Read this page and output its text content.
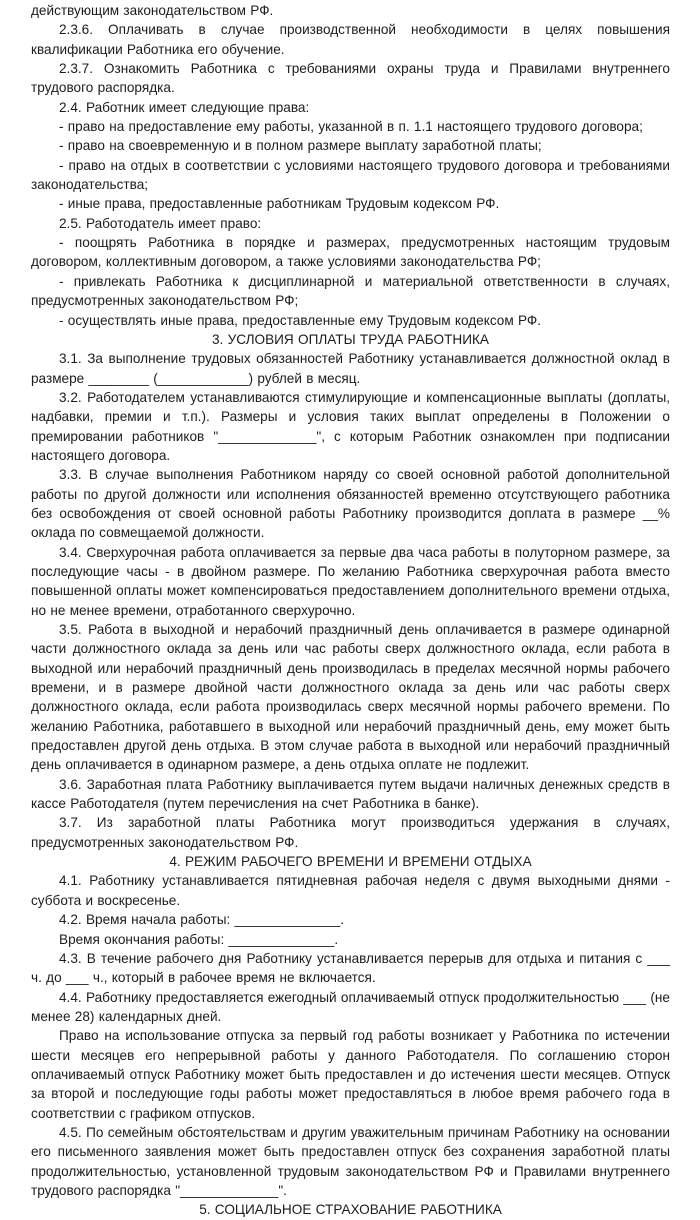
действующим законодательством РФ.

2.3.6. Оплачивать в случае производственной необходимости в целях повышения квалификации Работника его обучение.

2.3.7. Ознакомить Работника с требованиями охраны труда и Правилами внутреннего трудового распорядка.

2.4. Работник имеет следующие права:

- право на предоставление ему работы, указанной в п. 1.1 настоящего трудового договора;

- право на своевременную и в полном размере выплату заработной платы;

- право на отдых в соответствии с условиями настоящего трудового договора и требованиями законодательства;

- иные права, предоставленные работникам Трудовым кодексом РФ.

2.5. Работодатель имеет право:

- поощрять Работника в порядке и размерах, предусмотренных настоящим трудовым договором, коллективным договором, а также условиями законодательства РФ;

- привлекать Работника к дисциплинарной и материальной ответственности в случаях, предусмотренных законодательством РФ;

- осуществлять иные права, предоставленные ему Трудовым кодексом РФ.

3. УСЛОВИЯ ОПЛАТЫ ТРУДА РАБОТНИКА

3.1. За выполнение трудовых обязанностей Работнику устанавливается должностной оклад в размере ________ (____________) рублей в месяц.

3.2. Работодателем устанавливаются стимулирующие и компенсационные выплаты (доплаты, надбавки, премии и т.п.). Размеры и условия таких выплат определены в Положении о премировании работников "_____________", с которым Работник ознакомлен при подписании настоящего договора.

3.3. В случае выполнения Работником наряду со своей основной работой дополнительной работы по другой должности или исполнения обязанностей временно отсутствующего работника без освобождения от своей основной работы Работнику производится доплата в размере __% оклада по совмещаемой должности.

3.4. Сверхурочная работа оплачивается за первые два часа работы в полуторном размере, за последующие часы - в двойном размере. По желанию Работника сверхурочная работа вместо повышенной оплаты может компенсироваться предоставлением дополнительного времени отдыха, но не менее времени, отработанного сверхурочно.

3.5. Работа в выходной и нерабочий праздничный день оплачивается в размере одинарной части должностного оклада за день или час работы сверх должностного оклада, если работа в выходной или нерабочий праздничный день производилась в пределах месячной нормы рабочего времени, и в размере двойной части должностного оклада за день или час работы сверх должностного оклада, если работа производилась сверх месячной нормы рабочего времени. По желанию Работника, работавшего в выходной или нерабочий праздничный день, ему может быть предоставлен другой день отдыха. В этом случае работа в выходной или нерабочий праздничный день оплачивается в одинарном размере, а день отдыха оплате не подлежит.

3.6. Заработная плата Работнику выплачивается путем выдачи наличных денежных средств в кассе Работодателя (путем перечисления на счет Работника в банке).

3.7. Из заработной платы Работника могут производиться удержания в случаях, предусмотренных законодательством РФ.

4. РЕЖИМ РАБОЧЕГО ВРЕМЕНИ И ВРЕМЕНИ ОТДЫХА

4.1. Работнику устанавливается пятидневная рабочая неделя с двумя выходными днями - суббота и воскресенье.

4.2. Время начала работы: ______________.

Время окончания работы: ______________.

4.3. В течение рабочего дня Работнику устанавливается перерыв для отдыха и питания с ___ ч. до ___ ч., который в рабочее время не включается.

4.4. Работнику предоставляется ежегодный оплачиваемый отпуск продолжительностью ___ (не менее 28) календарных дней.

Право на использование отпуска за первый год работы возникает у Работника по истечении шести месяцев его непрерывной работы у данного Работодателя. По соглашению сторон оплачиваемый отпуск Работнику может быть предоставлен и до истечения шести месяцев. Отпуск за второй и последующие годы работы может предоставляться в любое время рабочего года в соответствии с графиком отпусков.

4.5. По семейным обстоятельствам и другим уважительным причинам Работнику на основании его письменного заявления может быть предоставлен отпуск без сохранения заработной платы продолжительностью, установленной трудовым законодательством РФ и Правилами внутреннего трудового распорядка "_____________".

5. СОЦИАЛЬНОЕ СТРАХОВАНИЕ РАБОТНИКА
